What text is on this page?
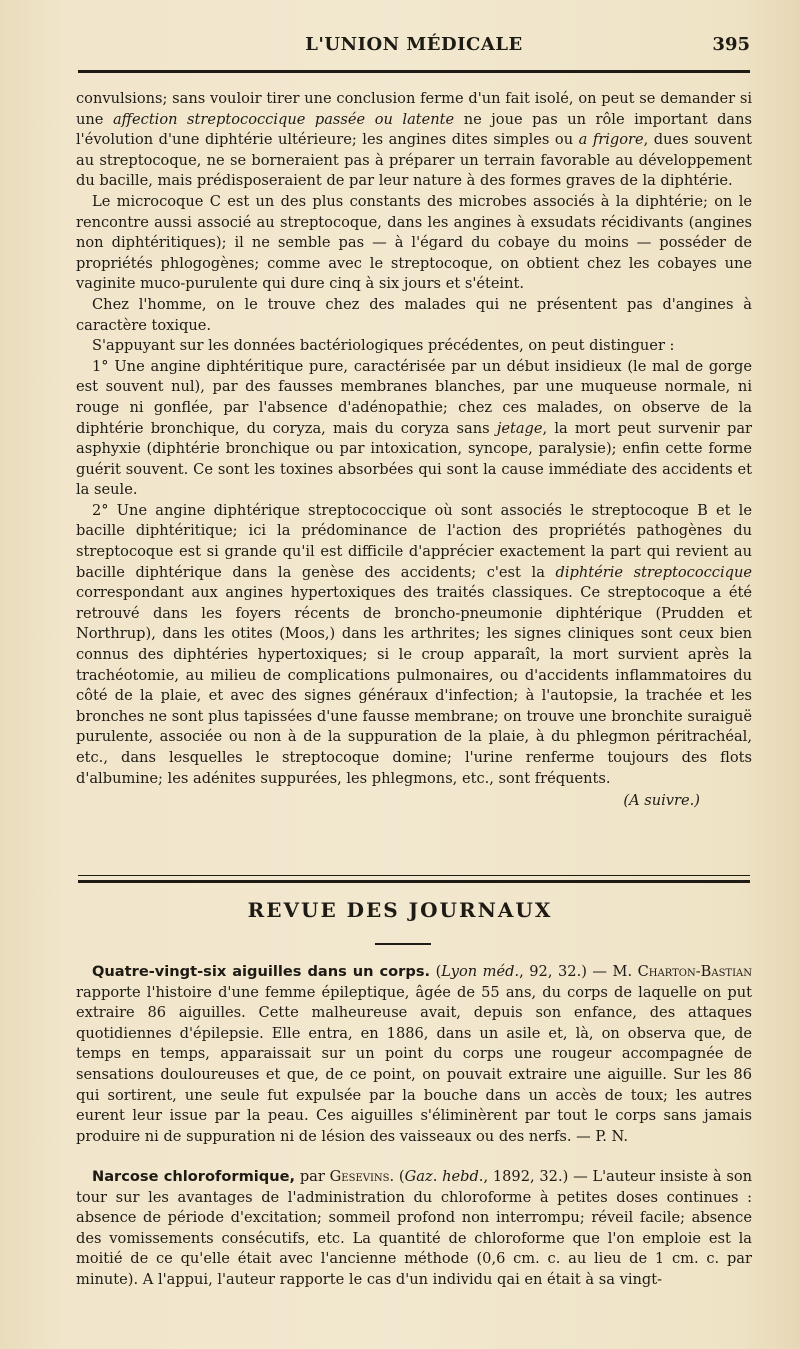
L'UNION MÉDICALE	395

convulsions; sans vouloir tirer une conclusion ferme d'un fait isolé, on peut se demander si une affection streptococcique passée ou latente ne joue pas un rôle important dans l'évolution d'une diphtérie ultérieure; les angines dites simples ou a frigore, dues souvent au streptocoque, ne se borneraient pas à préparer un terrain favorable au développement du bacille, mais prédisposeraient de par leur nature à des formes graves de la diphtérie.

Le microcoque C est un des plus constants des microbes associés à la diphtérie; on le rencontre aussi associé au streptocoque, dans les angines à exsudats récidivants (angines non diphtéritiques); il ne semble pas — à l'égard du cobaye du moins — posséder de propriétés phlogogènes; comme avec le streptocoque, on obtient chez les cobayes une vaginite muco-purulente qui dure cinq à six jours et s'éteint.

Chez l'homme, on le trouve chez des malades qui ne présentent pas d'angines à caractère toxique.

S'appuyant sur les données bactériologiques précédentes, on peut distinguer :

1° Une angine diphtéritique pure, caractérisée par un début insidieux (le mal de gorge est souvent nul), par des fausses membranes blanches, par une muqueuse normale, ni rouge ni gonflée, par l'absence d'adénopathie; chez ces malades, on observe de la diphtérie bronchique, du coryza, mais du coryza sans jetage, la mort peut survenir par asphyxie (diphtérie bronchique ou par intoxication, syncope, paralysie); enfin cette forme guérit souvent. Ce sont les toxines absorbées qui sont la cause immédiate des accidents et la seule.

2° Une angine diphtérique streptococcique où sont associés le streptocoque B et le bacille diphtéritique; ici la prédominance de l'action des propriétés pathogènes du streptocoque est si grande qu'il est difficile d'apprécier exactement la part qui revient au bacille diphtérique dans la genèse des accidents; c'est la diphtérie streptococcique correspondant aux angines hypertoxiques des traités classiques. Ce streptocoque a été retrouvé dans les foyers récents de broncho-pneumonie diphtérique (Prudden et Northrup), dans les otites (Moos,) dans les arthrites; les signes cliniques sont ceux bien connus des diphtéries hypertoxiques; si le croup apparaît, la mort survient après la trachéotomie, au milieu de complications pulmonaires, ou d'accidents inflammatoires du côté de la plaie, et avec des signes généraux d'infection; à l'autopsie, la trachée et les bronches ne sont plus tapissées d'une fausse membrane; on trouve une bronchite suraiguë purulente, associée ou non à de la suppuration de la plaie, à du phlegmon péritrachéal, etc., dans lesquelles le streptocoque domine; l'urine renferme toujours des flots d'albumine; les adénites suppurées, les phlegmons, etc., sont fréquents.

(A suivre.)
REVUE DES JOURNAUX

Quatre-vingt-six aiguilles dans un corps. (Lyon méd., 92, 32.) — M. Charton-Bastian rapporte l'histoire d'une femme épileptique, âgée de 55 ans, du corps de laquelle on put extraire 86 aiguilles. Cette malheureuse avait, depuis son enfance, des attaques quotidiennes d'épilepsie. Elle entra, en 1886, dans un asile et, là, on observa que, de temps en temps, apparaissait sur un point du corps une rougeur accompagnée de sensations douloureuses et que, de ce point, on pouvait extraire une aiguille. Sur les 86 qui sortirent, une seule fut expulsée par la bouche dans un accès de toux; les autres eurent leur issue par la peau. Ces aiguilles s'éliminèrent par tout le corps sans jamais produire ni de suppuration ni de lésion des vaisseaux ou des nerfs. — P. N.

Narcose chloroformique, par Gesevins. (Gaz. hebd., 1892, 32.) — L'auteur insiste à son tour sur les avantages de l'administration du chloroforme à petites doses continues : absence de période d'excitation; sommeil profond non interrompu; réveil facile; absence des vomissements consécutifs, etc. La quantité de chloroforme que l'on emploie est la moitié de ce qu'elle était avec l'ancienne méthode (0,6 cm. c. au lieu de 1 cm. c. par minute). A l'appui, l'auteur rapporte le cas d'un individu qai en était à sa vingt-
